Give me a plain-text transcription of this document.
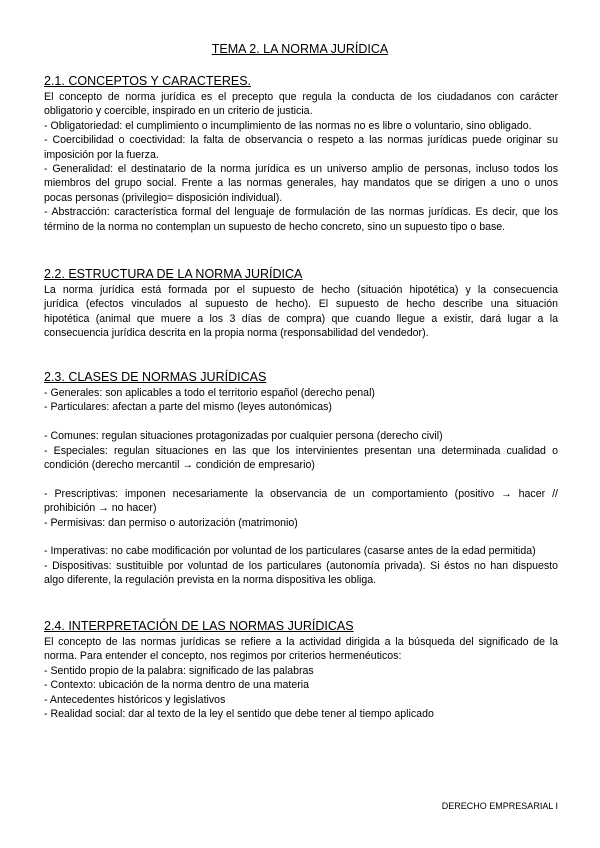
TEMA 2. LA NORMA JURÍDICA
2.1. CONCEPTOS Y CARACTERES.

El concepto de norma jurídica es el precepto que regula la conducta de los ciudadanos con carácter

obligatorio y coercible, inspirado en un criterio de justicia.

- Obligatoriedad: el cumplimiento o incumplimiento de las normas no es libre o voluntario, sino obligado.

- Coercibilidad o coectividad: la falta de observancia o respeto a las normas jurídicas puede originar su

imposición por la fuerza.

- Generalidad: el destinatario de la norma jurídica es un universo amplio de personas, incluso todos los

miembros del grupo social. Frente a las normas generales, hay mandatos que se dirigen a uno o unos

pocas personas (privilegio= disposición individual).

- Abstracción: característica formal del lenguaje de formulación de las normas jurídicas. Es decir, que los

término de la norma no contemplan un supuesto de hecho concreto, sino un supuesto tipo o base.

2.2. ESTRUCTURA DE LA NORMA JURÍDICA

La norma jurídica está formada por el supuesto de hecho (situación hipotética) y la consecuencia

jurídica (efectos vinculados al supuesto de hecho). El supuesto de hecho describe una situación

hipotética (animal que muere a los 3 días de compra) que cuando llegue a existir, dará lugar a la

consecuencia jurídica descrita en la propia norma (responsabilidad del vendedor).

2.3. CLASES DE NORMAS JURÍDICAS

- Generales: son aplicables a todo el territorio español (derecho penal)

- Particulares: afectan a parte del mismo (leyes autonómicas)

- Comunes: regulan situaciones protagonizadas por cualquier persona (derecho civil)

- Especiales: regulan situaciones en las que los intervinientes presentan una determinada cualidad o

condición (derecho mercantil → condición de empresario)

- Prescriptivas: imponen necesariamente la observancia de un comportamiento (positivo → hacer //

prohibición → no hacer)

- Permisivas: dan permiso o autorización (matrimonio)

- Imperativas: no cabe modificación por voluntad de los particulares (casarse antes de la edad permitida)

- Dispositivas: sustituible por voluntad de los particulares (autonomía privada). Si éstos no han dispuesto

algo diferente, la regulación prevista en la norma dispositiva les obliga.

2.4. INTERPRETACIÓN DE LAS NORMAS JURÍDICAS

El concepto de las normas jurídicas se refiere a la actividad dirigida a la búsqueda del significado de la

norma. Para entender el concepto, nos regimos por criterios hermenéuticos:

- Sentido propio de la palabra: significado de las palabras

- Contexto: ubicación de la norma dentro de una materia

- Antecedentes históricos y legislativos

- Realidad social: dar al texto de la ley el sentido que debe tener al tiempo aplicado

DERECHO EMPRESARIAL I
